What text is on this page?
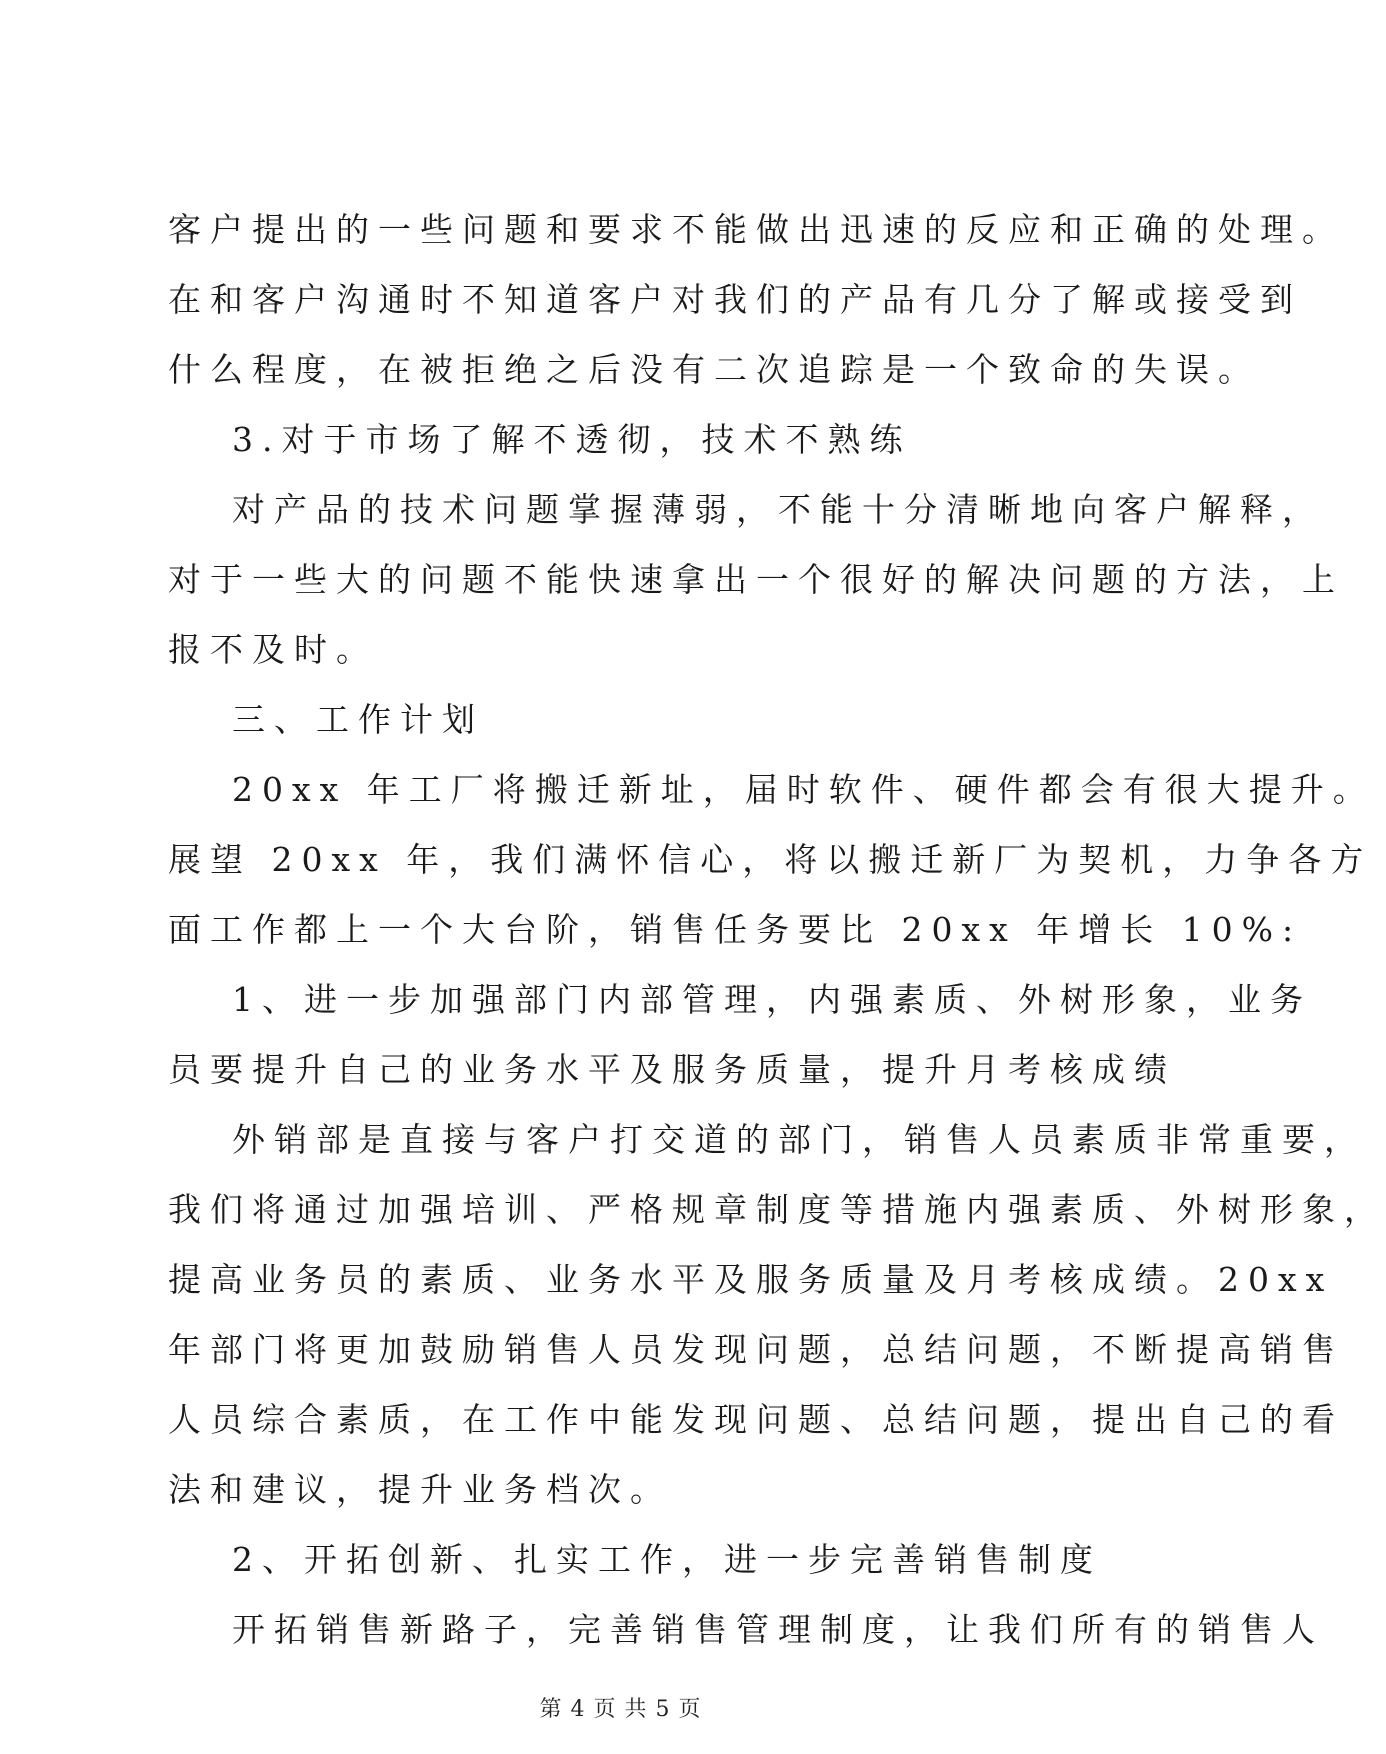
客户提出的一些问题和要求不能做出迅速的反应和正确的处理。
在和客户沟通时不知道客户对我们的产品有几分了解或接受到
什么程度，在被拒绝之后没有二次追踪是一个致命的失误。
3.对于市场了解不透彻，技术不熟练
对产品的技术问题掌握薄弱，不能十分清晰地向客户解释，
对于一些大的问题不能快速拿出一个很好的解决问题的方法，上
报不及时。
三、工作计划
20xx 年工厂将搬迁新址，届时软件、硬件都会有很大提升。
展望 20xx 年，我们满怀信心，将以搬迁新厂为契机，力争各方
面工作都上一个大台阶，销售任务要比 20xx 年增长 10%:
1、进一步加强部门内部管理，内强素质、外树形象，业务
员要提升自己的业务水平及服务质量，提升月考核成绩
外销部是直接与客户打交道的部门，销售人员素质非常重要，
我们将通过加强培训、严格规章制度等措施内强素质、外树形象，
提高业务员的素质、业务水平及服务质量及月考核成绩。20xx
年部门将更加鼓励销售人员发现问题，总结问题，不断提高销售
人员综合素质，在工作中能发现问题、总结问题，提出自己的看
法和建议，提升业务档次。
2、开拓创新、扎实工作，进一步完善销售制度
开拓销售新路子，完善销售管理制度，让我们所有的销售人
第 4 页 共 5 页
